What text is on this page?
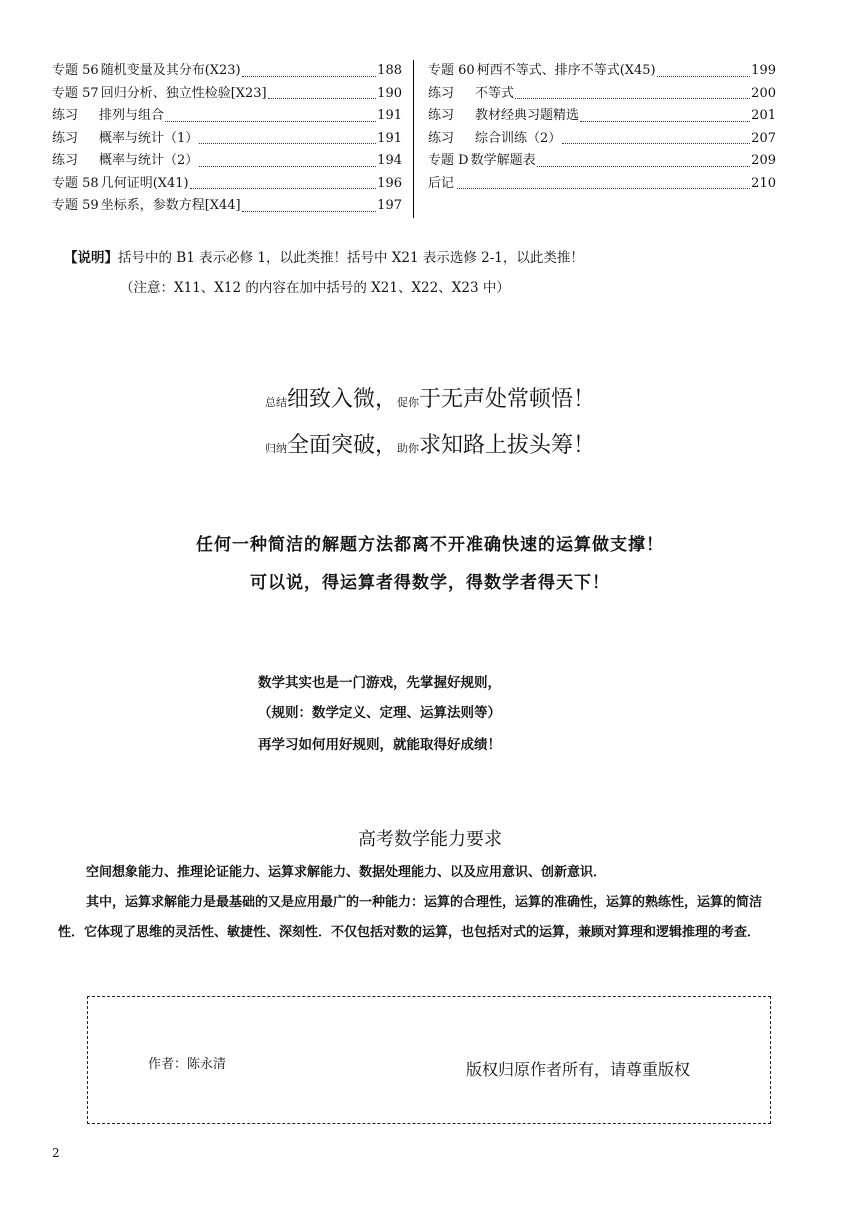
专题 56 随机变量及其分布(X23)	188
专题 57 回归分析、独立性检验[X23]	190
练习	排列与组合	191
练习	概率与统计（1）	191
练习	概率与统计（2）	194
专题 58 几何证明(X41)	196
专题 59 坐标系，参数方程[X44]	197
专题 60 柯西不等式、排序不等式(X45)	199
练习	不等式	200
练习	教材经典习题精选	201
练习	综合训练（2）	207
专题 D 数学解题表	209
后记	210
【说明】括号中的 B1 表示必修 1，以此类推！括号中 X21 表示选修 2-1，以此类推！
（注意：X11、X12 的内容在加中括号的 X21、X22、X23 中）
总结细致入微，促你于无声处常顿悟！
归纳全面突破，助你求知路上拔头筹！
任何一种简洁的解题方法都离不开准确快速的运算做支撑！
可以说，得运算者得数学，得数学者得天下！
数学其实也是一门游戏，先掌握好规则，
（规则：数学定义、定理、运算法则等）
再学习如何用好规则，就能取得好成绩！
高考数学能力要求
空间想象能力、推理论证能力、运算求解能力、数据处理能力、以及应用意识、创新意识．
其中，运算求解能力是最基础的又是应用最广的一种能力：运算的合理性，运算的准确性，运算的熟练性，运算的简洁性．它体现了思维的灵活性、敏捷性、深刻性．不仅包括对数的运算，也包括对式的运算，兼顾对算理和逻辑推理的考查．
作者：陈永清	版权归原作者所有，请尊重版权
2
